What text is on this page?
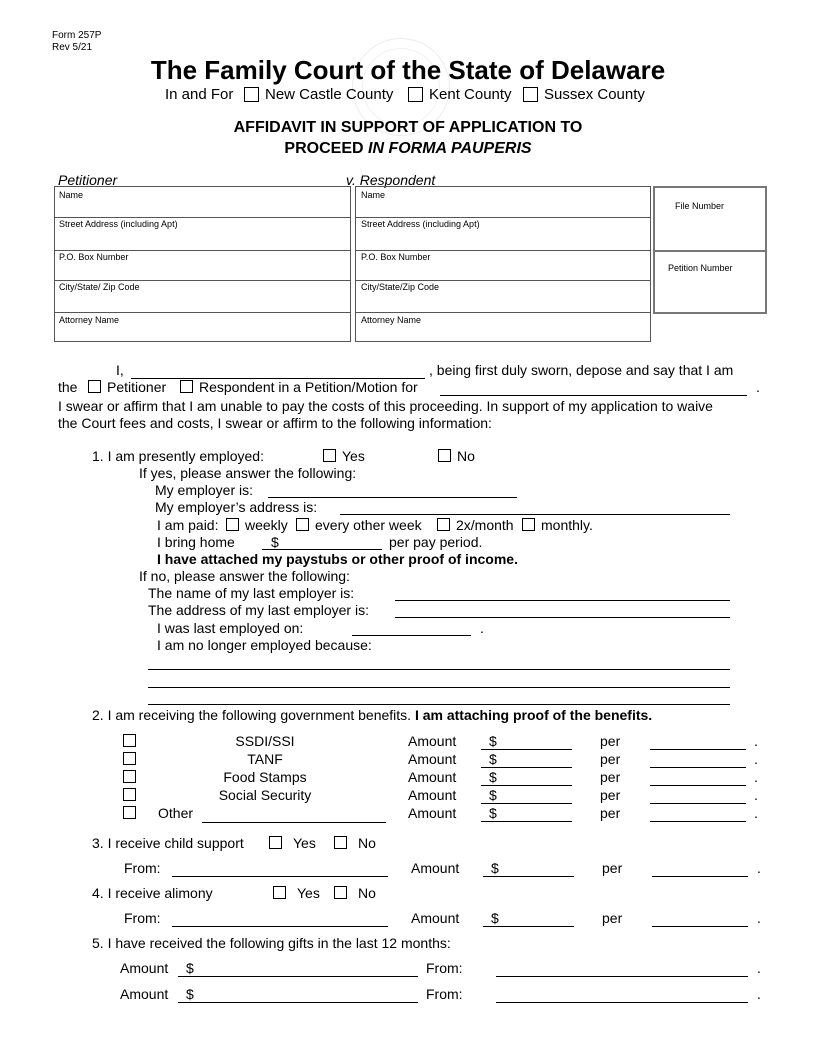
Form 257P
Rev 5/21
The Family Court of the State of Delaware
In and For New Castle County Kent County Sussex County
AFFIDAVIT IN SUPPORT OF APPLICATION TO
PROCEED IN FORMA PAUPERIS
Petitioner	v. Respondent
Name
Street Address (including Apt)
P.O. Box Number
City/State/ Zip Code
Attorney Name
Name
Street Address (including Apt)
P.O. Box Number
City/State/Zip Code
Attorney Name
File Number
Petition Number
I,	, being first duly sworn, depose and say that I am
the Petitioner Respondent in a Petition/Motion for	.
I swear or affirm that I am unable to pay the costs of this proceeding. In support of my application to waive
the Court fees and costs, I swear or affirm to the following information:
1. I am presently employed:	Yes	No
If yes, please answer the following:
My employer is:
My employer’s address is:
I am paid: weekly every other week 2x/month monthly.
I bring home	$	per pay period.
I have attached my paystubs or other proof of income.
If no, please answer the following:
The name of my last employer is:
The address of my last employer is:
I was last employed on:	.
I am no longer employed because:
2. I am receiving the following government benefits. I am attaching proof of the benefits.
SSDI/SSI	Amount $	per	.
TANF	Amount $	per	.
Food Stamps	Amount $	per	.
Social Security	Amount $	per	.
Other	Amount $	per	.
3. I receive child support	Yes	No
From:	Amount $	per	.
4. I receive alimony	Yes	No
From:	Amount $	per	.
5. I have received the following gifts in the last 12 months:
Amount $	From:	.
Amount $	From:	.
